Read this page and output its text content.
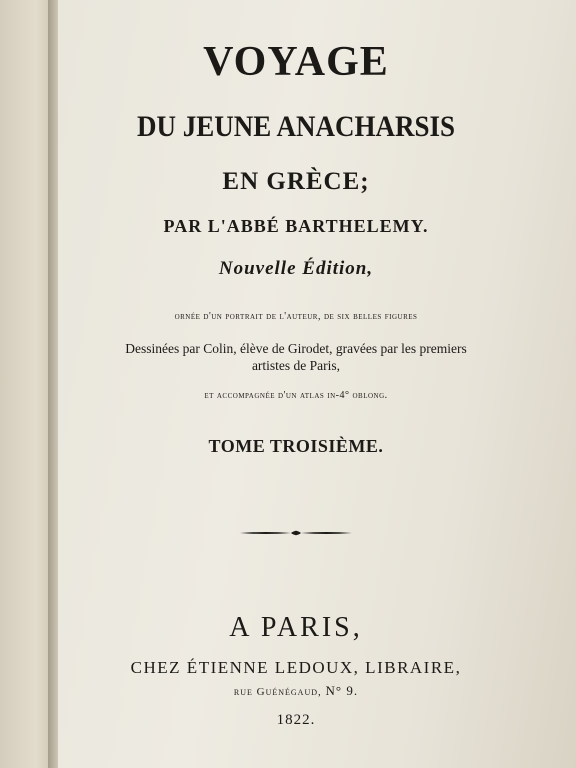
VOYAGE
DU JEUNE ANACHARSIS
EN GRÈCE;
PAR L'ABBÉ BARTHELEMY.
Nouvelle Édition,
ornée d'un portrait de l'auteur, de six belles figures
Dessinées par Colin, élève de Girodet, gravées par les premiers
artistes de Paris,
et accompagnée d'un atlas in-4° oblong.
TOME TROISIÈME.
A PARIS,
CHEZ ÉTIENNE LEDOUX, LIBRAIRE,
rue Guénégaud, N° 9.
1822.
